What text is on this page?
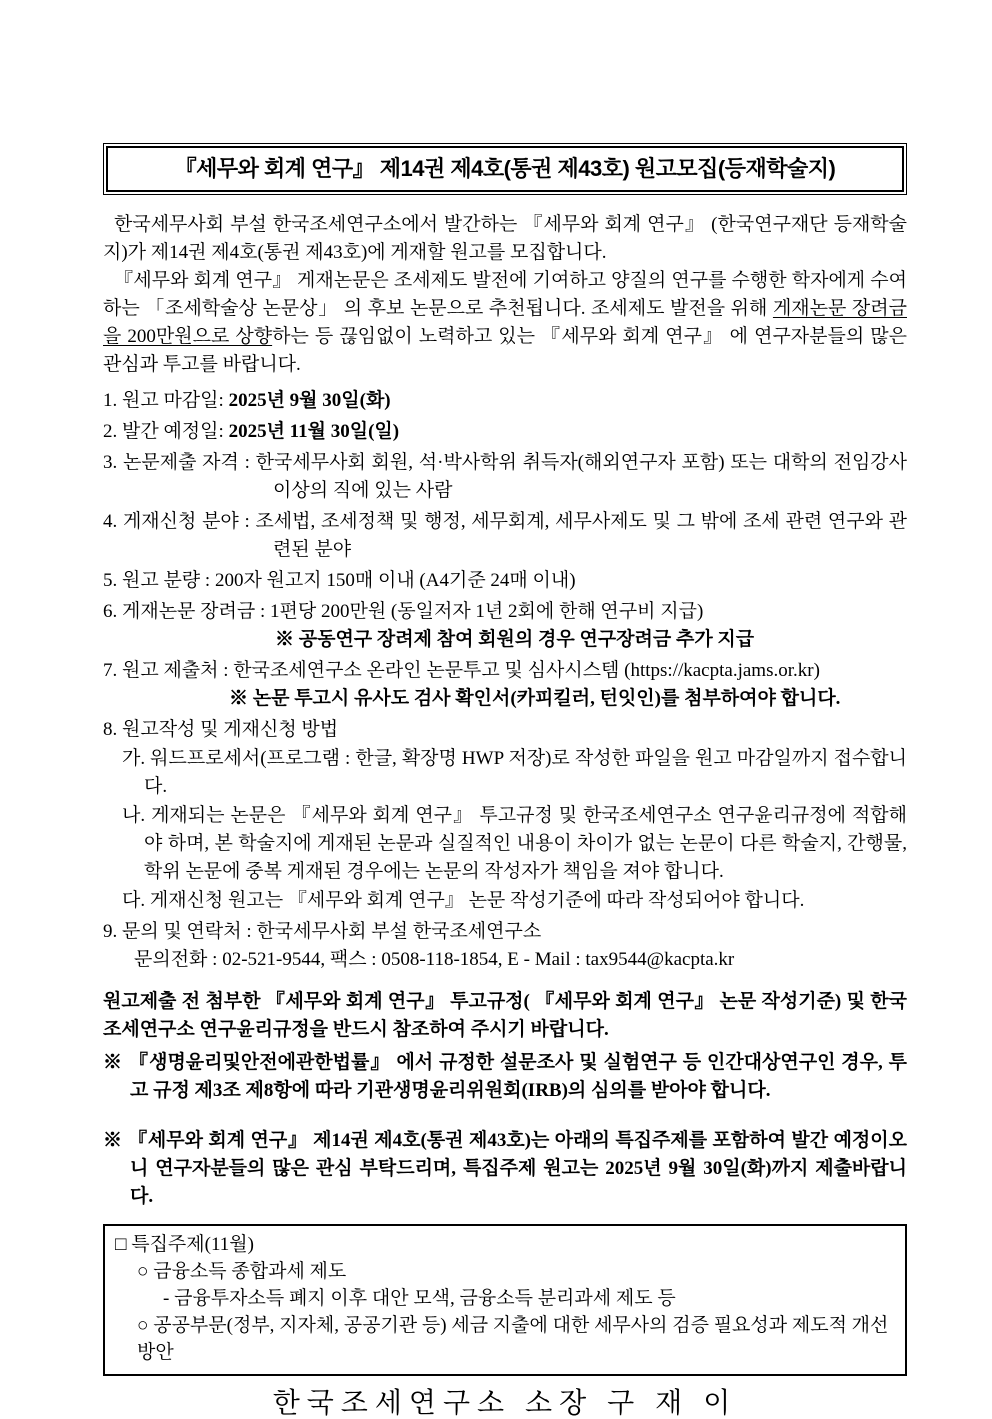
『세무와 회계 연구』 제14권 제4호(통권 제43호) 원고모집(등재학술지)

한국세무사회 부설 한국조세연구소에서 발간하는 『세무와 회계 연구』 (한국연구재단 등재학술지)가 제14권 제4호(통권 제43호)에 게재할 원고를 모집합니다.

『세무와 회계 연구』 게재논문은 조세제도 발전에 기여하고 양질의 연구를 수행한 학자에게 수여하는 「조세학술상 논문상」 의 후보 논문으로 추천됩니다. 조세제도 발전을 위해 게재논문 장려금을 200만원으로 상향하는 등 끊임없이 노력하고 있는 『세무와 회계 연구』 에 연구자분들의 많은 관심과 투고를 바랍니다.

1. 원고 마감일: 2025년 9월 30일(화)
2. 발간 예정일: 2025년 11월 30일(일)
3. 논문제출 자격 : 한국세무사회 회원, 석·박사학위 취득자(해외연구자 포함) 또는 대학의 전임강사 이상의 직에 있는 사람
4. 게재신청 분야 : 조세법, 조세정책 및 행정, 세무회계, 세무사제도 및 그 밖에 조세 관련 연구와 관련된 분야
5. 원고 분량 : 200자 원고지 150매 이내 (A4기준 24매 이내)
6. 게재논문 장려금 : 1편당 200만원 (동일저자 1년 2회에 한해 연구비 지급)
※ 공동연구 장려제 참여 회원의 경우 연구장려금 추가 지급
7. 원고 제출처 : 한국조세연구소 온라인 논문투고 및 심사시스템 (https://kacpta.jams.or.kr)
※ 논문 투고시 유사도 검사 확인서(카피킬러, 턴잇인)를 첨부하여야 합니다.
8. 원고작성 및 게재신청 방법
가. 워드프로세서(프로그램 : 한글, 확장명 HWP 저장)로 작성한 파일을 원고 마감일까지 접수합니다.
나. 게재되는 논문은 『세무와 회계 연구』 투고규정 및 한국조세연구소 연구윤리규정에 적합해야 하며, 본 학술지에 게재된 논문과 실질적인 내용이 차이가 없는 논문이 다른 학술지, 간행물, 학위 논문에 중복 게재된 경우에는 논문의 작성자가 책임을 져야 합니다.
다. 게재신청 원고는 『세무와 회계 연구』 논문 작성기준에 따라 작성되어야 합니다.
9. 문의 및 연락처 : 한국세무사회 부설 한국조세연구소
문의전화 : 02-521-9544, 팩스 : 0508-118-1854, E - Mail : tax9544@kacpta.kr
원고제출 전 첨부한 『세무와 회계 연구』 투고규정( 『세무와 회계 연구』 논문 작성기준) 및 한국조세연구소 연구윤리규정을 반드시 참조하여 주시기 바랍니다.
※ 『생명윤리및안전에관한법률』 에서 규정한 설문조사 및 실험연구 등 인간대상연구인 경우, 투고 규정 제3조 제8항에 따라 기관생명윤리위원회(IRB)의 심의를 받아야 합니다.
※ 『세무와 회계 연구』 제14권 제4호(통권 제43호)는 아래의 특집주제를 포함하여 발간 예정이오니 연구자분들의 많은 관심 부탁드리며, 특집주제 원고는 2025년 9월 30일(화)까지 제출바랍니다.
□ 특집주제(11월)
○ 금융소득 종합과세 제도
- 금융투자소득 폐지 이후 대안 모색, 금융소득 분리과세 제도 등
○ 공공부문(정부, 지자체, 공공기관 등) 세금 지출에 대한 세무사의 검증 필요성과 제도적 개선 방안
한국조세연구소 소장 구 재 이
